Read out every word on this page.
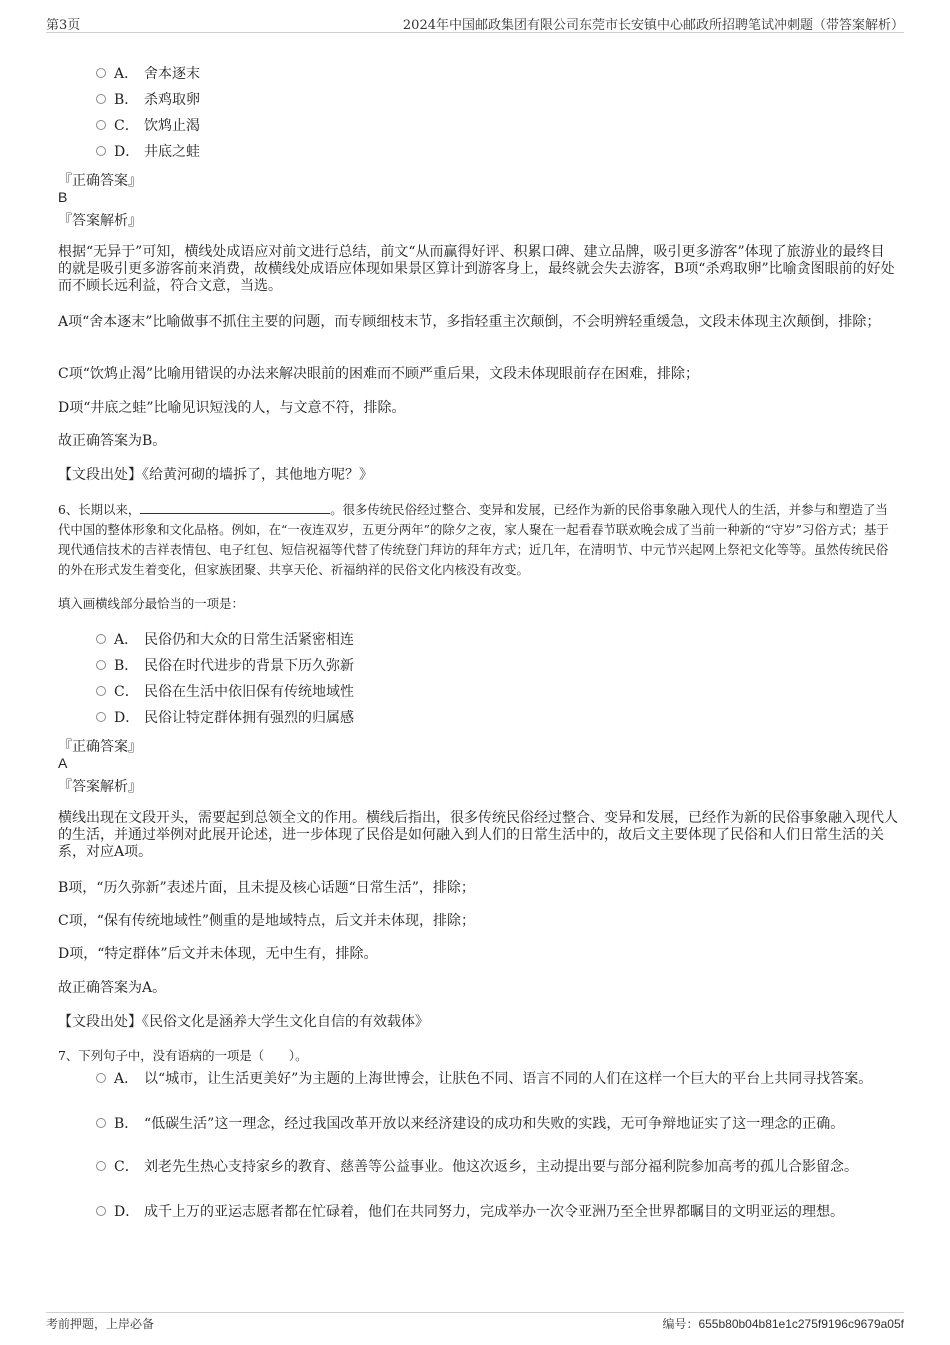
第3页	2024年中国邮政集团有限公司东莞市长安镇中心邮政所招聘笔试冲刺题（带答案解析）
A． 舍本逐末
B． 杀鸡取卵
C． 饮鸩止渴
D． 井底之蛙
『正确答案』
B
『答案解析』
根据“无异于”可知，横线处成语应对前文进行总结，前文“从而赢得好评、积累口碑、建立品牌，吸引更多游客”体现了旅游业的最终目的就是吸引更多游客前来消费，故横线处成语应体现如果景区算计到游客身上，最终就会失去游客，B项“杀鸡取卵”比喻贪图眼前的好处而不顾长远利益，符合文意，当选。
A项“舍本逐末”比喻做事不抓住主要的问题，而专顾细枝末节，多指轻重主次颠倒，不会明辨轻重缓急，文段未体现主次颠倒，排除；
C项“饮鸩止渴”比喻用错误的办法来解决眼前的困难而不顾严重后果，文段未体现眼前存在困难，排除；
D项“井底之蛙”比喻见识短浅的人，与文意不符，排除。
故正确答案为B。
【文段出处】《给黄河砌的墙拆了，其他地方呢？》
6、长期以来，	。很多传统民俗经过整合、变异和发展，已经作为新的民俗事象融入现代人的生活，并参与和塑造了当代中国的整体形象和文化品格。例如，在“一夜连双岁，五更分两年”的除夕之夜，家人聚在一起看春节联欢晚会成了当前一种新的“守岁”习俗方式；基于现代通信技术的吉祥表情包、电子红包、短信祝福等代替了传统登门拜访的拜年方式；近几年，在清明节、中元节兴起网上祭祀文化等等。虽然传统民俗的外在形式发生着变化，但家族团聚、共享天伦、祈福纳祥的民俗文化内核没有改变。
填入画横线部分最恰当的一项是：
A． 民俗仍和大众的日常生活紧密相连
B． 民俗在时代进步的背景下历久弥新
C． 民俗在生活中依旧保有传统地域性
D． 民俗让特定群体拥有强烈的归属感
『正确答案』
A
『答案解析』
横线出现在文段开头，需要起到总领全文的作用。横线后指出，很多传统民俗经过整合、变异和发展，已经作为新的民俗事象融入现代人的生活，并通过举例对此展开论述，进一步体现了民俗是如何融入到人们的日常生活中的，故后文主要体现了民俗和人们日常生活的关系，对应A项。
B项，“历久弥新”表述片面，且未提及核心话题“日常生活”，排除；
C项，“保有传统地域性”侧重的是地域特点，后文并未体现，排除；
D项，“特定群体”后文并未体现，无中生有，排除。
故正确答案为A。
【文段出处】《民俗文化是涵养大学生文化自信的有效载体》
7、下列句子中，没有语病的一项是（　　）。
A． 以“城市，让生活更美好”为主题的上海世博会，让肤色不同、语言不同的人们在这样一个巨大的平台上共同寻找答案。
B． “低碳生活”这一理念，经过我国改革开放以来经济建设的成功和失败的实践，无可争辩地证实了这一理念的正确。
C． 刘老先生热心支持家乡的教育、慈善等公益事业。他这次返乡，主动提出要与部分福利院参加高考的孤儿合影留念。
D． 成千上万的亚运志愿者都在忙碌着，他们在共同努力，完成举办一次令亚洲乃至全世界都瞩目的文明亚运的理想。
考前押题，上岸必备	编号：655b80b04b81e1c275f9196c9679a05f
